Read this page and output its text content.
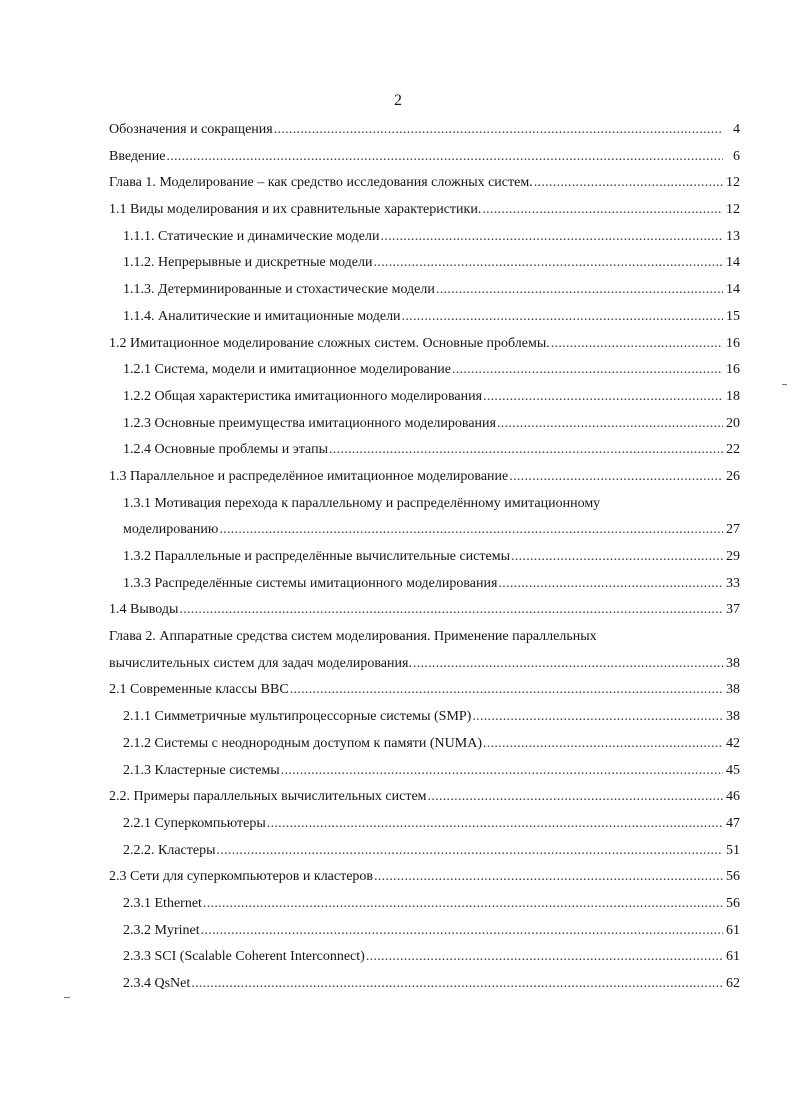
2
Обозначения и сокращения .....	4
Введение .....	6
Глава 1. Моделирование – как средство исследования сложных систем. .....	12
1.1 Виды моделирования и их сравнительные характеристики. .....	12
1.1.1. Статические и динамические модели .....	13
1.1.2. Непрерывные и дискретные модели .....	14
1.1.3. Детерминированные и стохастические модели .....	14
1.1.4. Аналитические и имитационные модели .....	15
1.2 Имитационное моделирование сложных систем. Основные проблемы. .....	16
1.2.1 Система, модели и имитационное моделирование .....	16
1.2.2 Общая характеристика имитационного моделирования .....	18
1.2.3 Основные преимущества имитационного моделирования .....	20
1.2.4 Основные проблемы и этапы .....	22
1.3 Параллельное и распределённое имитационное моделирование .....	26
1.3.1 Мотивация перехода к параллельному и распределённому имитационному
моделированию .....	27
1.3.2 Параллельные и распределённые вычислительные системы .....	29
1.3.3 Распределённые системы имитационного моделирования .....	33
1.4 Выводы .....	37
Глава 2. Аппаратные средства систем моделирования. Применение параллельных
вычислительных систем для задач моделирования. .....	38
2.1 Современные классы ВВС .....	38
2.1.1 Симметричные мультипроцессорные системы (SMP) .....	38
2.1.2 Системы с неоднородным доступом к памяти (NUMA) .....	42
2.1.3 Кластерные системы .....	45
2.2. Примеры параллельных вычислительных систем .....	46
2.2.1 Суперкомпьютеры .....	47
2.2.2. Кластеры .....	51
2.3 Сети для суперкомпьютеров и кластеров .....	56
2.3.1 Ethernet .....	56
2.3.2 Myrinet .....	61
2.3.3 SCI (Scalable Coherent Interconnect) .....	61
2.3.4 QsNet .....	62
